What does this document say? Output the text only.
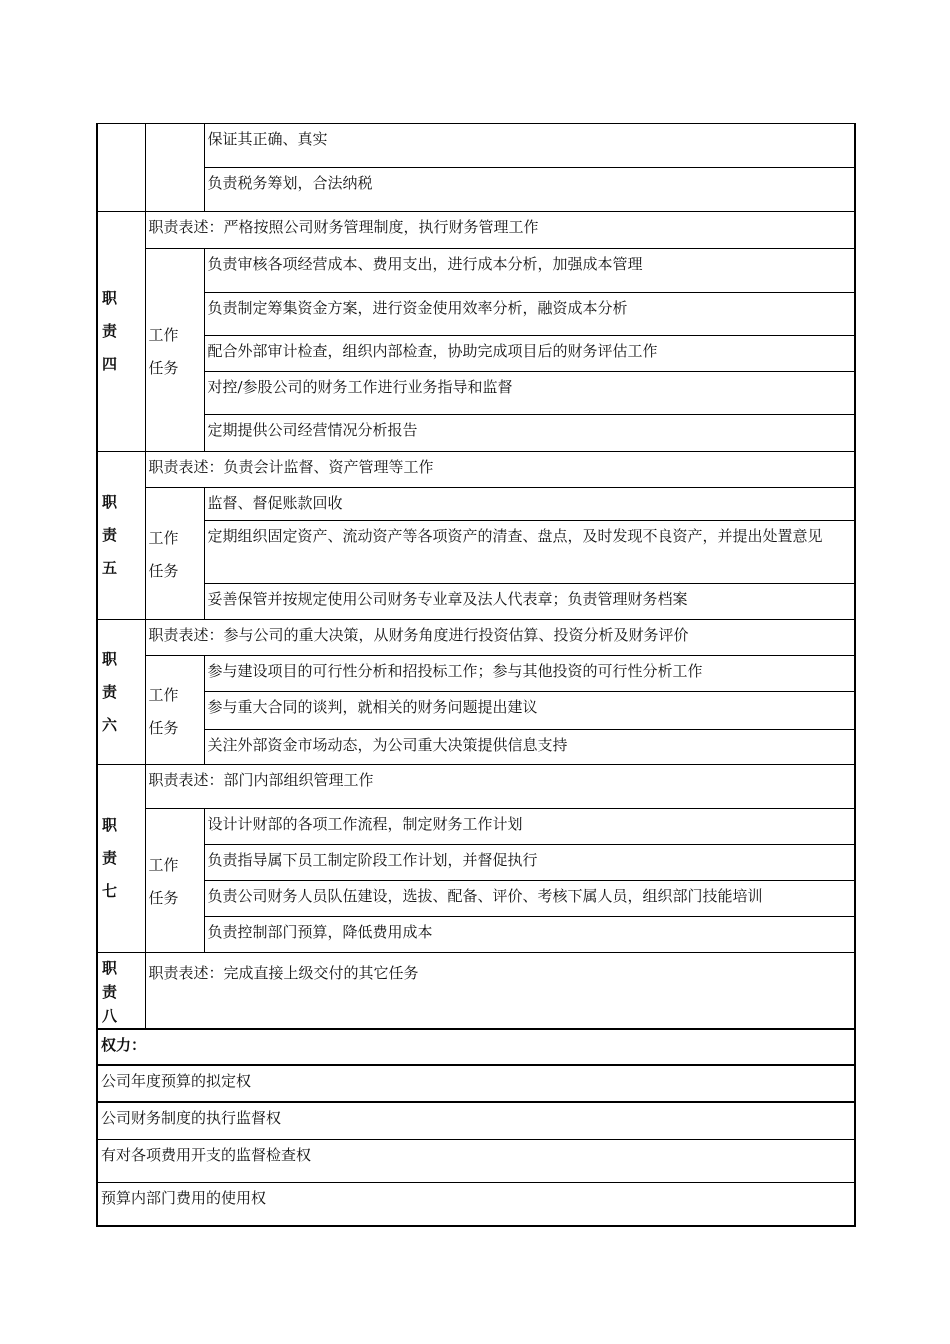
		保证其正确、真实
		负责税务筹划，合法纳税

职
责
四	职责表述：严格按照公司财务管理制度，执行财务管理工作	

	工作
任务	负责审核各项经营成本、费用支出，进行成本分析，加强成本管理
		负责制定筹集资金方案，进行资金使用效率分析，融资成本分析
		配合外部审计检查，组织内部检查，协助完成项目后的财务评估工作
		对控/参股公司的财务工作进行业务指导和监督
		定期提供公司经营情况分析报告

职
责
五	职责表述：负责会计监督、资产管理等工作	

	工作
任务	监督、督促账款回收
		定期组织固定资产、流动资产等各项资产的清查、盘点，及时发现不良资产，并提出处置意见
		妥善保管并按规定使用公司财务专业章及法人代表章；负责管理财务档案

职
责
六	职责表述：参与公司的重大决策，从财务角度进行投资估算、投资分析及财务评价	

	工作
任务	参与建设项目的可行性分析和招投标工作；参与其他投资的可行性分析工作
		参与重大合同的谈判，就相关的财务问题提出建议
		关注外部资金市场动态，为公司重大决策提供信息支持

职
责
七	职责表述：部门内部组织管理工作	

	工作
任务	设计计财部的各项工作流程，制定财务工作计划
		负责指导属下员工制定阶段工作计划，并督促执行
		负责公司财务人员队伍建设，选拔、配备、评价、考核下属人员，组织部门技能培训
		负责控制部门预算，降低费用成本

职责
八	职责表述：完成直接上级交付的其它任务	
权力：		
公司年度预算的拟定权		
公司财务制度的执行监督权		
有对各项费用开支的监督检查权		
预算内部门费用的使用权		
